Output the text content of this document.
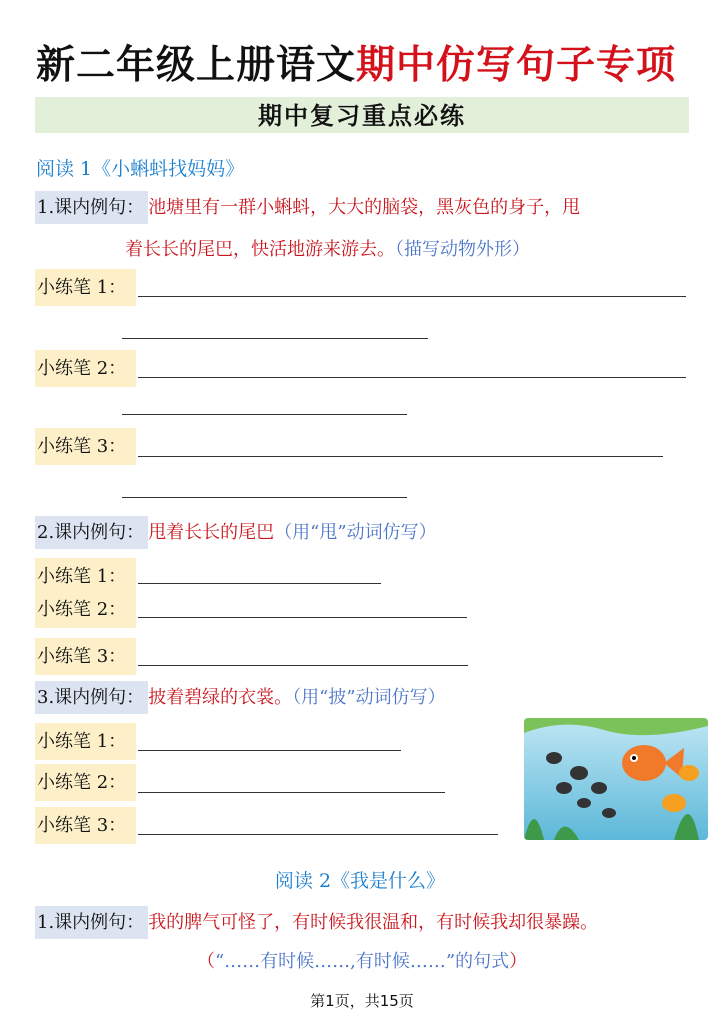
新二年级上册语文期中仿写句子专项
期中复习重点必练
阅读 1《小蝌蚪找妈妈》
1.课内例句： 池塘里有一群小蝌蚪，大大的脑袋，黑灰色的身子，甩
着长长的尾巴，快活地游来游去。（描写动物外形）
小练笔 1：
小练笔 2：
小练笔 3：
2.课内例句： 甩着长长的尾巴（用“甩”动词仿写）
小练笔 1：
小练笔 2：
小练笔 3：
3.课内例句： 披着碧绿的衣裳。（用“披”动词仿写）
小练笔 1：
小练笔 2：
小练笔 3：
阅读 2《我是什么》
1.课内例句： 我的脾气可怪了，有时候我很温和，有时候我却很暴躁。
（“……有时候……,有时候……”的句式）
第1页，共15页
